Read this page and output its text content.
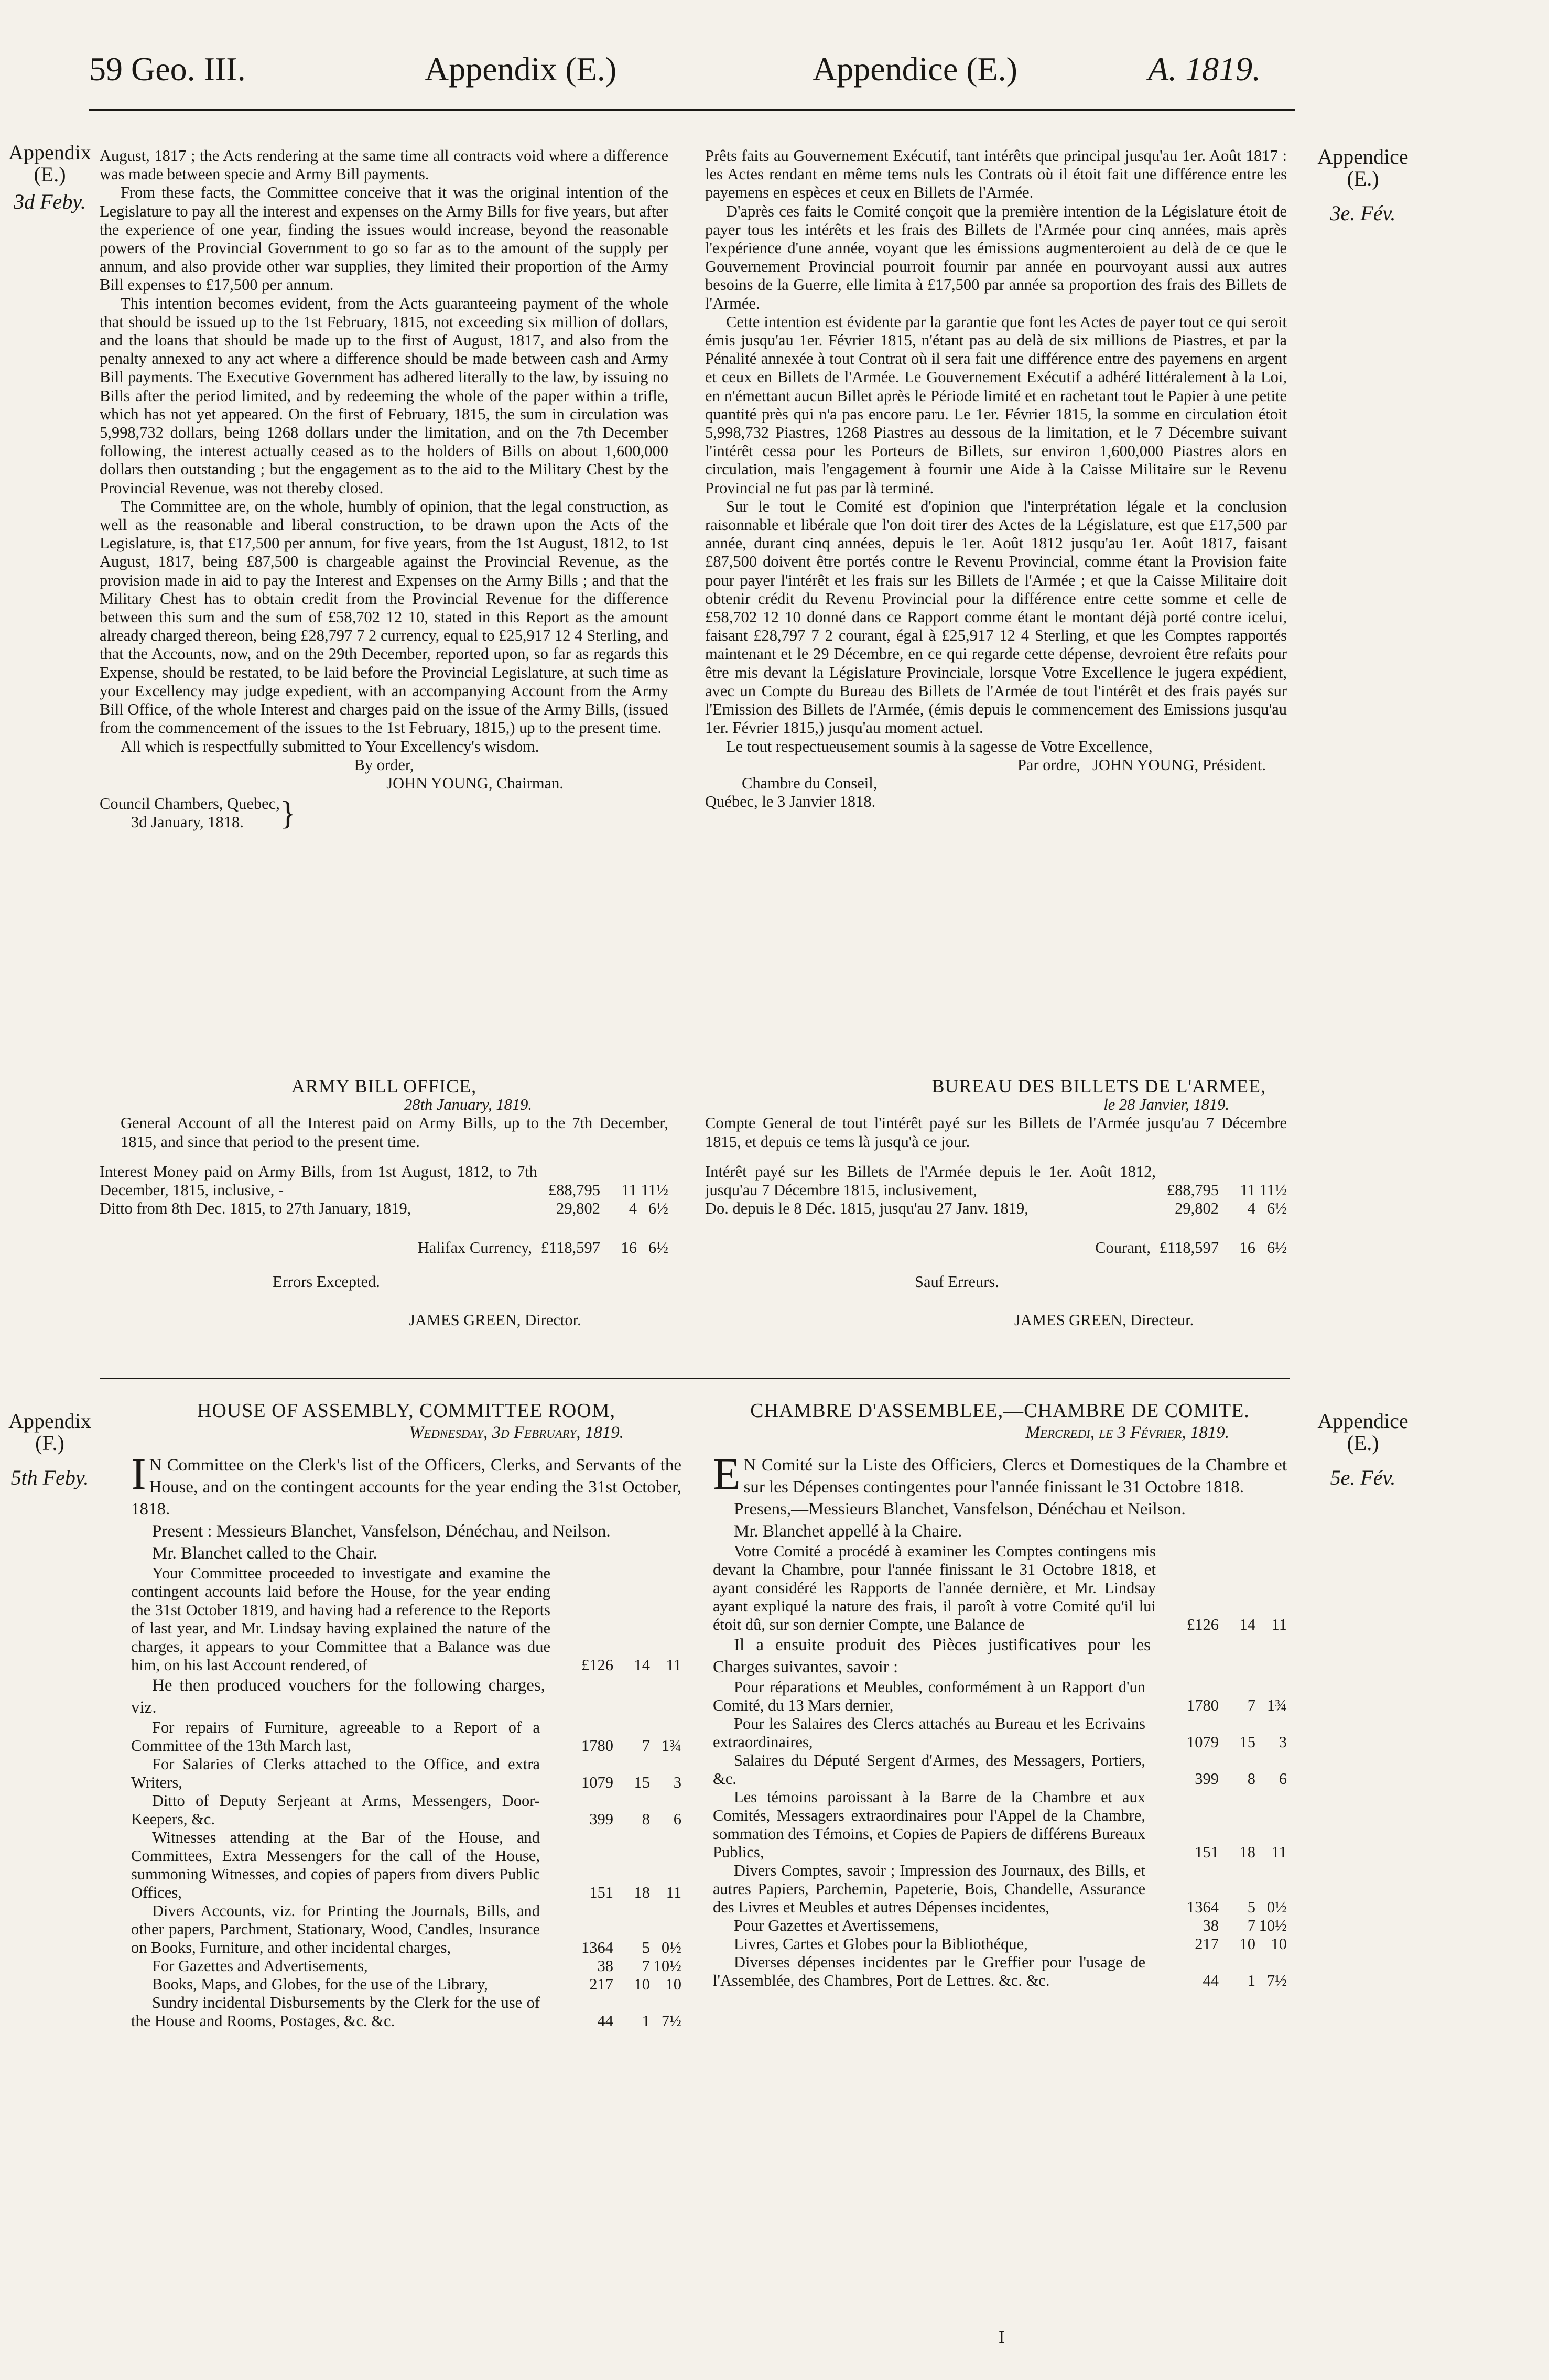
59 Geo. III.	Appendix (E.)	Appendice (E.)	A. 1819.
Appendix
(E.)
3d Feby.
Appendice
(E.)
3e. Fév.
Appendix
(F.)
5th Feby.
Appendice
(E.)
5e. Fév.

August, 1817 ; the Acts rendering at the same time all contracts void where a difference was made between specie and Army Bill payments.

From these facts, the Committee conceive that it was the original intention of the Legislature to pay all the interest and expenses on the Army Bills for five years, but after the experience of one year, finding the issues would increase, beyond the reasonable powers of the Provincial Government to go so far as to the amount of the supply per annum, and also provide other war supplies, they limited their proportion of the Army Bill expenses to £17,500 per annum.

This intention becomes evident, from the Acts guaranteeing payment of the whole that should be issued up to the 1st February, 1815, not exceeding six million of dollars, and the loans that should be made up to the first of August, 1817, and also from the penalty annexed to any act where a difference should be made between cash and Army Bill payments. The Executive Government has adhered literally to the law, by issuing no Bills after the period limited, and by redeeming the whole of the paper within a trifle, which has not yet appeared. On the first of February, 1815, the sum in circulation was 5,998,732 dollars, being 1268 dollars under the limitation, and on the 7th December following, the interest actually ceased as to the holders of Bills on about 1,600,000 dollars then outstanding ; but the engagement as to the aid to the Military Chest by the Provincial Revenue, was not thereby closed.

The Committee are, on the whole, humbly of opinion, that the legal construction, as well as the reasonable and liberal construction, to be drawn upon the Acts of the Legislature, is, that £17,500 per annum, for five years, from the 1st August, 1812, to 1st August, 1817, being £87,500 is chargeable against the Provincial Revenue, as the provision made in aid to pay the Interest and Expenses on the Army Bills ; and that the Military Chest has to obtain credit from the Provincial Revenue for the difference between this sum and the sum of £58,702 12 10, stated in this Report as the amount already charged thereon, being £28,797 7 2 currency, equal to £25,917 12 4 Sterling, and that the Accounts, now, and on the 29th December, reported upon, so far as regards this Expense, should be restated, to be laid before the Provincial Legislature, at such time as your Excellency may judge expedient, with an accompanying Account from the Army Bill Office, of the whole Interest and charges paid on the issue of the Army Bills, (issued from the commencement of the issues to the 1st February, 1815,) up to the present time.

All which is respectfully submitted to Your Excellency's wisdom.

By order,
JOHN YOUNG, Chairman.
Council Chambers, Quebec,
3d January, 1818.	}

Prêts faits au Gouvernement Exécutif, tant intérêts que principal jusqu'au 1er. Août 1817 : les Actes rendant en même tems nuls les Contrats où il étoit fait une différence entre les payemens en espèces et ceux en Billets de l'Armée.

D'après ces faits le Comité conçoit que la première intention de la Législature étoit de payer tous les intérêts et les frais des Billets de l'Armée pour cinq années, mais après l'expérience d'une année, voyant que les émissions augmenteroient au delà de ce que le Gouvernement Provincial pourroit fournir par année en pourvoyant aussi aux autres besoins de la Guerre, elle limita à £17,500 par année sa proportion des frais des Billets de l'Armée.

Cette intention est évidente par la garantie que font les Actes de payer tout ce qui seroit émis jusqu'au 1er. Février 1815, n'étant pas au delà de six millions de Piastres, et par la Pénalité annexée à tout Contrat où il sera fait une différence entre des payemens en argent et ceux en Billets de l'Armée. Le Gouvernement Exécutif a adhéré littéralement à la Loi, en n'émettant aucun Billet après le Période limité et en rachetant tout le Papier à une petite quantité près qui n'a pas encore paru. Le 1er. Février 1815, la somme en circulation étoit 5,998,732 Piastres, 1268 Piastres au dessous de la limitation, et le 7 Décembre suivant l'intérêt cessa pour les Porteurs de Billets, sur environ 1,600,000 Piastres alors en circulation, mais l'engagement à fournir une Aide à la Caisse Militaire sur le Revenu Provincial ne fut pas par là terminé.

Sur le tout le Comité est d'opinion que l'interprétation légale et la conclusion raisonnable et libérale que l'on doit tirer des Actes de la Législature, est que £17,500 par année, durant cinq années, depuis le 1er. Août 1812 jusqu'au 1er. Août 1817, faisant £87,500 doivent être portés contre le Revenu Provincial, comme étant la Provision faite pour payer l'intérêt et les frais sur les Billets de l'Armée ; et que la Caisse Militaire doit obtenir crédit du Revenu Provincial pour la différence entre cette somme et celle de £58,702 12 10 donné dans ce Rapport comme étant le montant déjà porté contre icelui, faisant £28,797 7 2 courant, égal à £25,917 12 4 Sterling, et que les Comptes rapportés maintenant et le 29 Décembre, en ce qui regarde cette dépense, devroient être refaits pour être mis devant la Législature Provinciale, lorsque Votre Excellence le jugera expédient, avec un Compte du Bureau des Billets de l'Armée de tout l'intérêt et des frais payés sur l'Emission des Billets de l'Armée, (émis depuis le commencement des Emissions jusqu'au 1er. Février 1815,) jusqu'au moment actuel.

Le tout respectueusement soumis à la sagesse de Votre Excellence,

Par ordre, JOHN YOUNG, Président.
Chambre du Conseil,
Québec, le 3 Janvier 1818.
ARMY BILL OFFICE,
28th January, 1819.

General Account of all the Interest paid on Army Bills, up to the 7th December, 1815, and since that period to the present time.

Interest Money paid on Army Bills, from 1st August, 1812, to 7th December, 1815, inclusive, -	£88,795	11	11½
Ditto from 8th Dec. 1815, to 27th January, 1819,	29,802	4	6½
Halifax Currency,	£118,597	16	6½
Errors Excepted.
JAMES GREEN, Director.
BUREAU DES BILLETS DE L'ARMEE,
le 28 Janvier, 1819.

Compte General de tout l'intérêt payé sur les Billets de l'Armée jusqu'au 7 Décembre 1815, et depuis ce tems là jusqu'à ce jour.

Intérêt payé sur les Billets de l'Armée depuis le 1er. Août 1812, jusqu'au 7 Décembre 1815, inclusivement,	£88,795	11	11½
Do. depuis le 8 Déc. 1815, jusqu'au 27 Janv. 1819,	29,802	4	6½
Courant,	£118,597	16	6½
Sauf Erreurs.
JAMES GREEN, Directeur.
HOUSE OF ASSEMBLY, COMMITTEE ROOM,
Wednesday, 3d February, 1819.

I N Committee on the Clerk's list of the Officers, Clerks, and Servants of the House, and on the contingent accounts for the year ending the 31st October, 1818.

Present : Messieurs Blanchet, Vansfelson, Dénéchau, and Neilson.

Mr. Blanchet called to the Chair.

Your Committee proceeded to investigate and examine the contingent accounts laid before the House, for the year ending the 31st October 1819, and having had a reference to the Reports of last year, and Mr. Lindsay having explained the nature of the charges, it appears to your Committee that a Balance was due him, on his last Account rendered, of	£126	14	11

He then produced vouchers for the following charges, viz.

For repairs of Furniture, agreeable to a Report of a Committee of the 13th March last,	1780	7	1¾
For Salaries of Clerks attached to the Office, and extra Writers,	1079	15	3
Ditto of Deputy Serjeant at Arms, Messengers, Door-Keepers, &c.	399	8	6
Witnesses attending at the Bar of the House, and Committees, Extra Messengers for the call of the House, summoning Witnesses, and copies of papers from divers Public Offices,	151	18	11
Divers Accounts, viz. for Printing the Journals, Bills, and other papers, Parchment, Stationary, Wood, Candles, Insurance on Books, Furniture, and other incidental charges,	1364	5	0½
For Gazettes and Advertisements,	38	7	10½
Books, Maps, and Globes, for the use of the Library,	217	10	10
Sundry incidental Disbursements by the Clerk for the use of the House and Rooms, Postages, &c. &c.	44	1	7½
CHAMBRE D'ASSEMBLEE,—CHAMBRE DE COMITE.
Mercredi, le 3 Février, 1819.

E N Comité sur la Liste des Officiers, Clercs et Domestiques de la Chambre et sur les Dépenses contingentes pour l'année finissant le 31 Octobre 1818.

Presens,—Messieurs Blanchet, Vansfelson, Dénéchau et Neilson.

Mr. Blanchet appellé à la Chaire.

Votre Comité a procédé à examiner les Comptes contingens mis devant la Chambre, pour l'année finissant le 31 Octobre 1818, et ayant considéré les Rapports de l'année dernière, et Mr. Lindsay ayant expliqué la nature des frais, il paroît à votre Comité qu'il lui étoit dû, sur son dernier Compte, une Balance de	£126	14	11

Il a ensuite produit des Pièces justificatives pour les Charges suivantes, savoir :

Pour réparations et Meubles, conformément à un Rapport d'un Comité, du 13 Mars dernier,	1780	7	1¾
Pour les Salaires des Clercs attachés au Bureau et les Ecrivains extraordinaires,	1079	15	3
Salaires du Député Sergent d'Armes, des Messagers, Portiers, &c.	399	8	6
Les témoins paroissant à la Barre de la Chambre et aux Comités, Messagers extraordinaires pour l'Appel de la Chambre, sommation des Témoins, et Copies de Papiers de différens Bureaux Publics,	151	18	11
Divers Comptes, savoir ; Impression des Journaux, des Bills, et autres Papiers, Parchemin, Papeterie, Bois, Chandelle, Assurance des Livres et Meubles et autres Dépenses incidentes,	1364	5	0½
Pour Gazettes et Avertissemens,	38	7	10½
Livres, Cartes et Globes pour la Bibliothéque,	217	10	10
Diverses dépenses incidentes par le Greffier pour l'usage de l'Assemblée, des Chambres, Port de Lettres. &c. &c.	44	1	7½
I
